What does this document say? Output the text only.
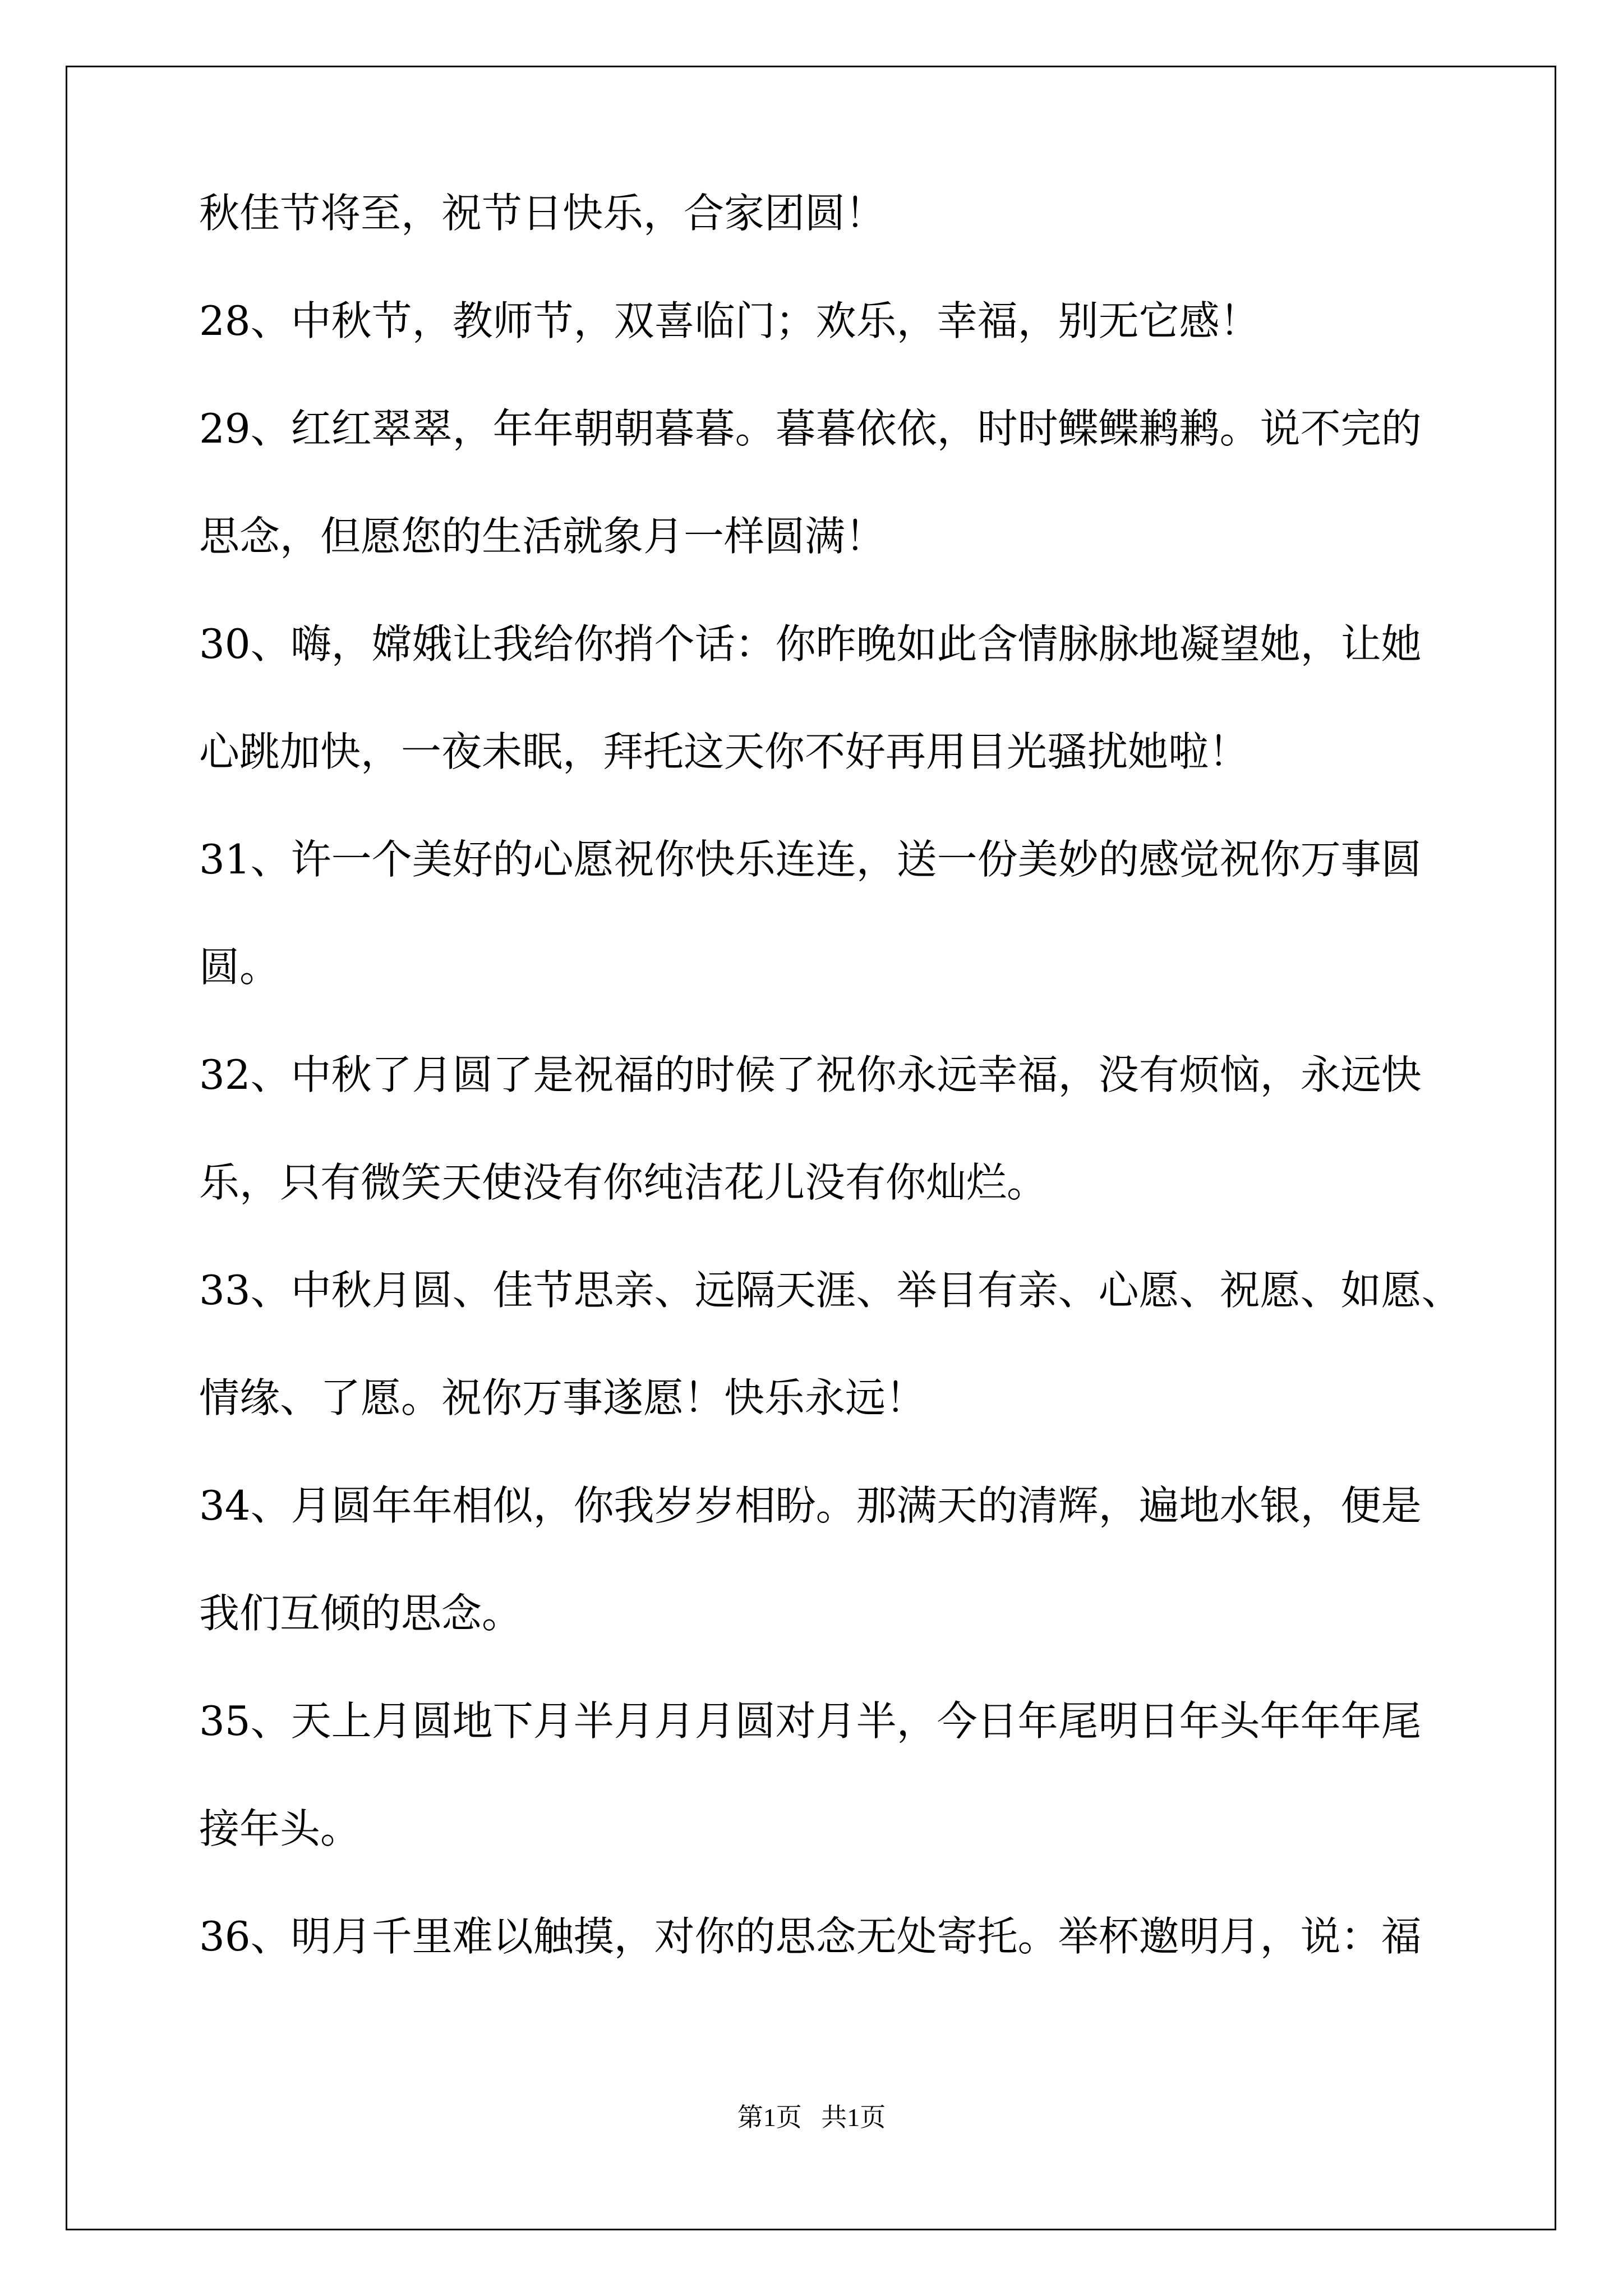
秋佳节将至，祝节日快乐，合家团圆！
28、中秋节，教师节，双喜临门；欢乐，幸福，别无它感！
29、红红翠翠，年年朝朝暮暮。暮暮依依，时时鲽鲽鹣鹣。说不完的
思念，但愿您的生活就象月一样圆满！
30、嗨，嫦娥让我给你捎个话：你昨晚如此含情脉脉地凝望她，让她
心跳加快，一夜未眠，拜托这天你不好再用目光骚扰她啦！
31、许一个美好的心愿祝你快乐连连，送一份美妙的感觉祝你万事圆
圆。
32、中秋了月圆了是祝福的时候了祝你永远幸福，没有烦恼，永远快
乐，只有微笑天使没有你纯洁花儿没有你灿烂。
33、中秋月圆、佳节思亲、远隔天涯、举目有亲、心愿、祝愿、如愿、
情缘、了愿。祝你万事遂愿！快乐永远！
34、月圆年年相似，你我岁岁相盼。那满天的清辉，遍地水银，便是
我们互倾的思念。
35、天上月圆地下月半月月月圆对月半，今日年尾明日年头年年年尾
接年头。
36、明月千里难以触摸，对你的思念无处寄托。举杯邀明月，说：福
第1页   共1页
